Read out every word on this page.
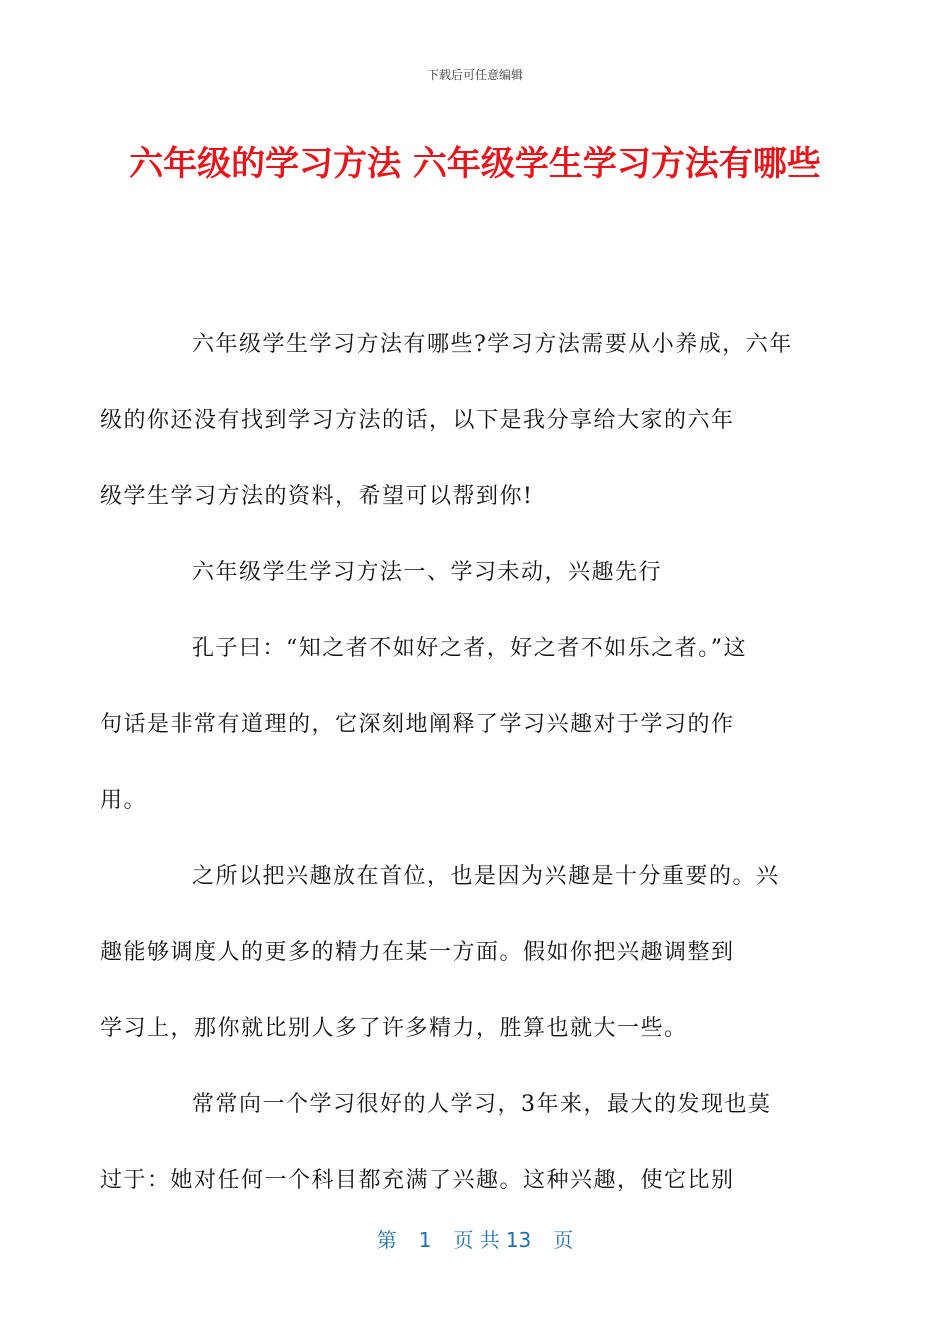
下载后可任意编辑
六年级的学习方法 六年级学生学习方法有哪些

六年级学生学习方法有哪些?学习方法需要从小养成，六年
级的你还没有找到学习方法的话，以下是我分享给大家的六年
级学生学习方法的资料，希望可以帮到你!

六年级学生学习方法一、学习未动，兴趣先行

孔子曰：“知之者不如好之者，好之者不如乐之者。”这
句话是非常有道理的，它深刻地阐释了学习兴趣对于学习的作
用。

之所以把兴趣放在首位，也是因为兴趣是十分重要的。兴
趣能够调度人的更多的精力在某一方面。假如你把兴趣调整到
学习上，那你就比别人多了许多精力，胜算也就大一些。

常常向一个学习很好的人学习，3年来，最大的发现也莫
过于：她对任何一个科目都充满了兴趣。这种兴趣，使它比别

第 1 页 共 13 页
